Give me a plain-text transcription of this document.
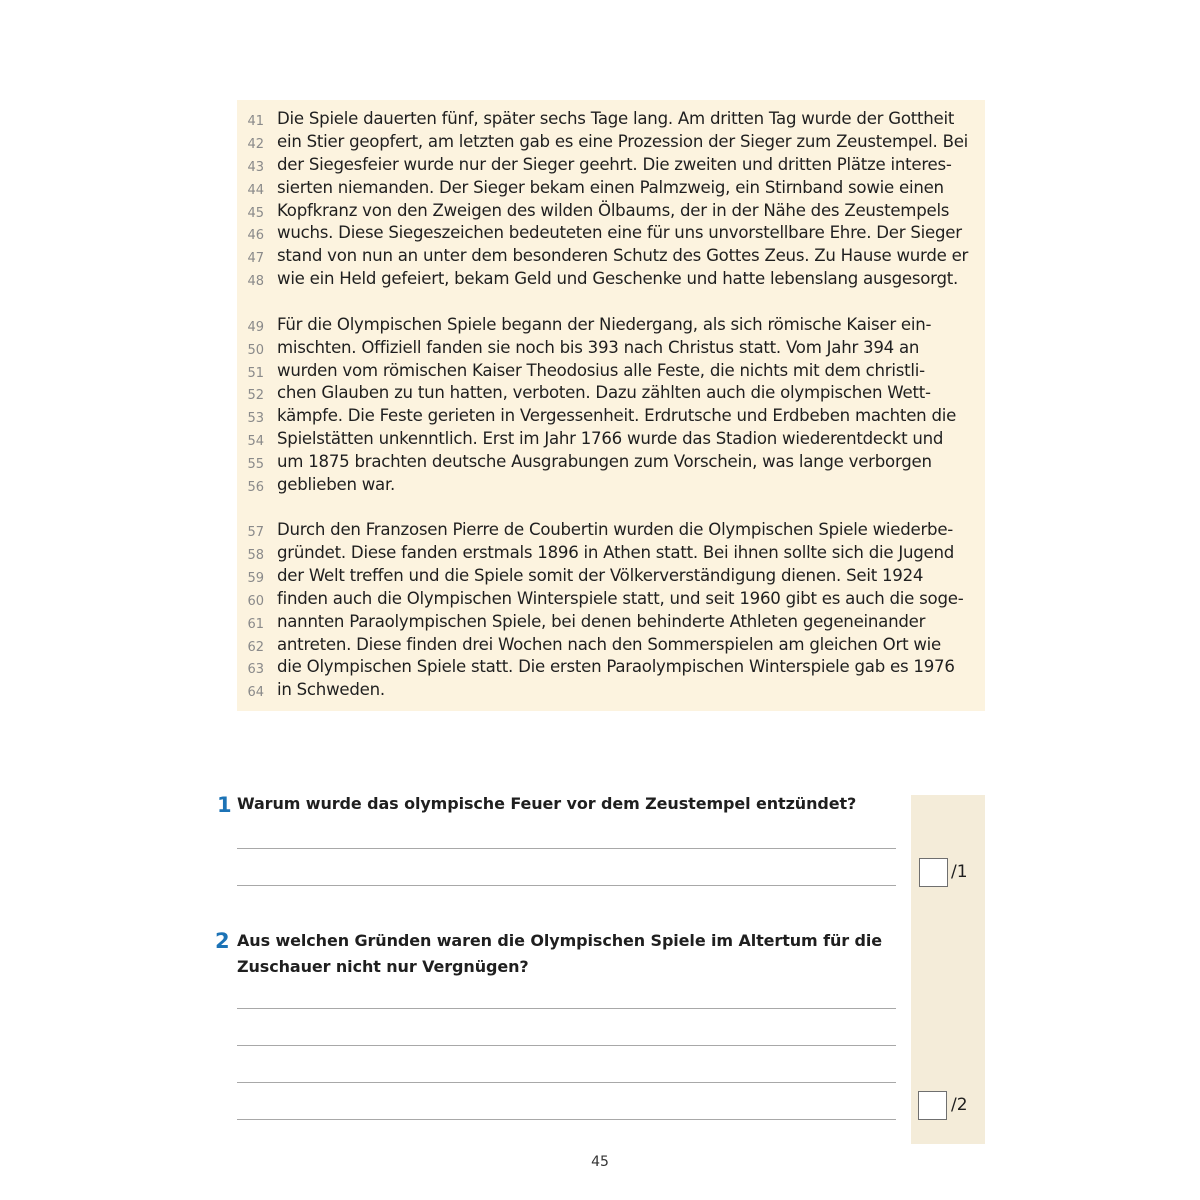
41 Die Spiele dauerten fünf, später sechs Tage lang. Am dritten Tag wurde der Gottheit
42 ein Stier geopfert, am letzten gab es eine Prozession der Sieger zum Zeustempel. Bei
43 der Siegesfeier wurde nur der Sieger geehrt. Die zweiten und dritten Plätze interes-
44 sierten niemanden. Der Sieger bekam einen Palmzweig, ein Stirnband sowie einen
45 Kopfkranz von den Zweigen des wilden Ölbaums, der in der Nähe des Zeustempels
46 wuchs. Diese Siegeszeichen bedeuteten eine für uns unvorstellbare Ehre. Der Sieger
47 stand von nun an unter dem besonderen Schutz des Gottes Zeus. Zu Hause wurde er
48 wie ein Held gefeiert, bekam Geld und Geschenke und hatte lebenslang ausgesorgt.
49 Für die Olympischen Spiele begann der Niedergang, als sich römische Kaiser ein-
50 mischten. Offiziell fanden sie noch bis 393 nach Christus statt. Vom Jahr 394 an
51 wurden vom römischen Kaiser Theodosius alle Feste, die nichts mit dem christli-
52 chen Glauben zu tun hatten, verboten. Dazu zählten auch die olympischen Wett-
53 kämpfe. Die Feste gerieten in Vergessenheit. Erdrutsche und Erdbeben machten die
54 Spielstätten unkenntlich. Erst im Jahr 1766 wurde das Stadion wiederentdeckt und
55 um 1875 brachten deutsche Ausgrabungen zum Vorschein, was lange verborgen
56 geblieben war.
57 Durch den Franzosen Pierre de Coubertin wurden die Olympischen Spiele wiederbe-
58 gründet. Diese fanden erstmals 1896 in Athen statt. Bei ihnen sollte sich die Jugend
59 der Welt treffen und die Spiele somit der Völkerverständigung dienen. Seit 1924
60 finden auch die Olympischen Winterspiele statt, und seit 1960 gibt es auch die soge-
61 nannten Paraolympischen Spiele, bei denen behinderte Athleten gegeneinander
62 antreten. Diese finden drei Wochen nach den Sommerspielen am gleichen Ort wie
63 die Olympischen Spiele statt. Die ersten Paraolympischen Winterspiele gab es 1976
64 in Schweden.
1 Warum wurde das olympische Feuer vor dem Zeustempel entzündet?
/1
2 Aus welchen Gründen waren die Olympischen Spiele im Altertum für die
Zuschauer nicht nur Vergnügen?
/2
45
